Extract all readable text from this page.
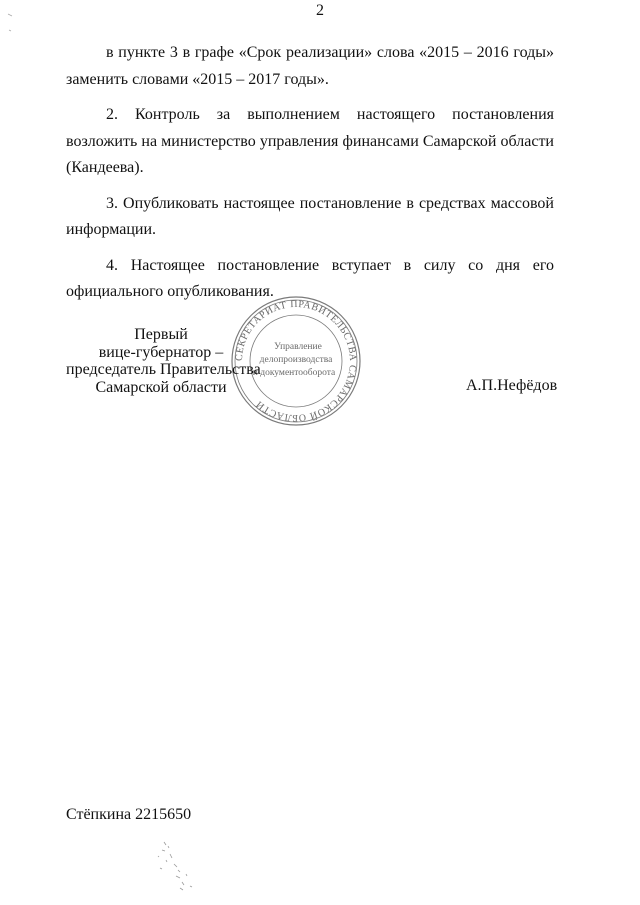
2

в пункте 3 в графе «Срок реализации» слова «2015 – 2016 годы» заменить словами «2015 – 2017 годы».

2. Контроль за выполнением настоящего постановления возложить на министерство управления финансами Самарской области (Кандеева).

3. Опубликовать настоящее постановление в средствах массовой информации.

4. Настоящее постановление вступает в силу со дня его официального опубликования.

СЕКРЕТАРИАТ ПРАВИТЕЛЬСТВА САМАРСКОЙ ОБЛАСТИ
Управление
делопроизводства
и документооборота
Первый
вице-губернатор –
председатель Правительства
Самарской области	А.П.Нефёдов
Стёпкина 2215650
